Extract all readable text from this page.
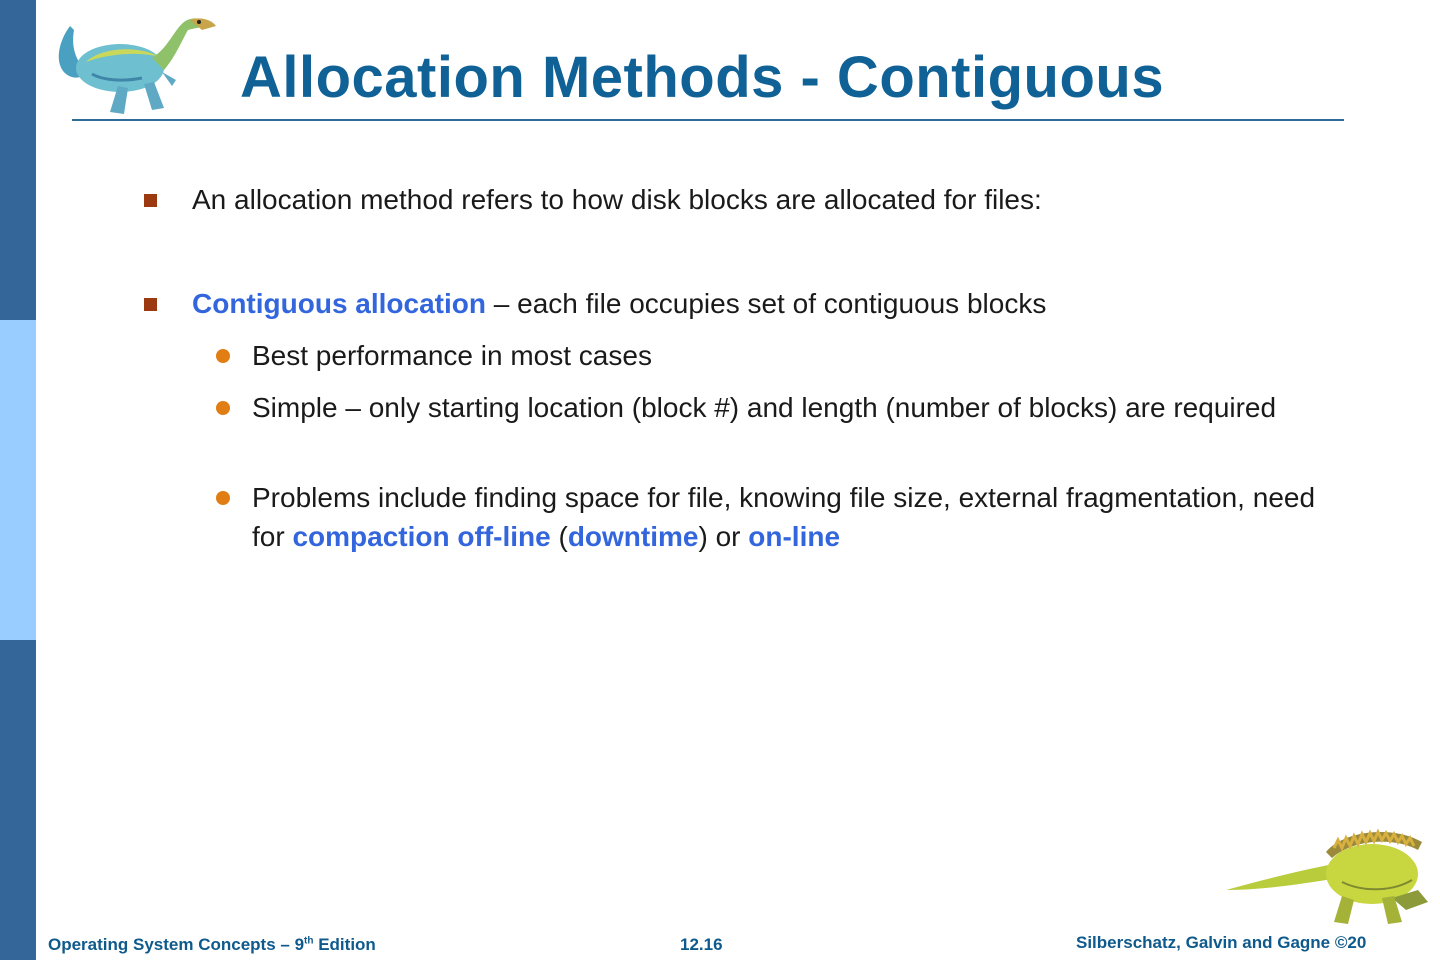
Allocation Methods - Contiguous
An allocation method refers to how disk blocks are allocated for files:
Contiguous allocation – each file occupies set of contiguous blocks
Best performance in most cases
Simple – only starting location (block #) and length (number of blocks) are required
Problems include finding space for file, knowing file size, external fragmentation, need for compaction off-line (downtime) or on-line
Operating System Concepts – 9th Edition	12.16	Silberschatz, Galvin and Gagne ©20
